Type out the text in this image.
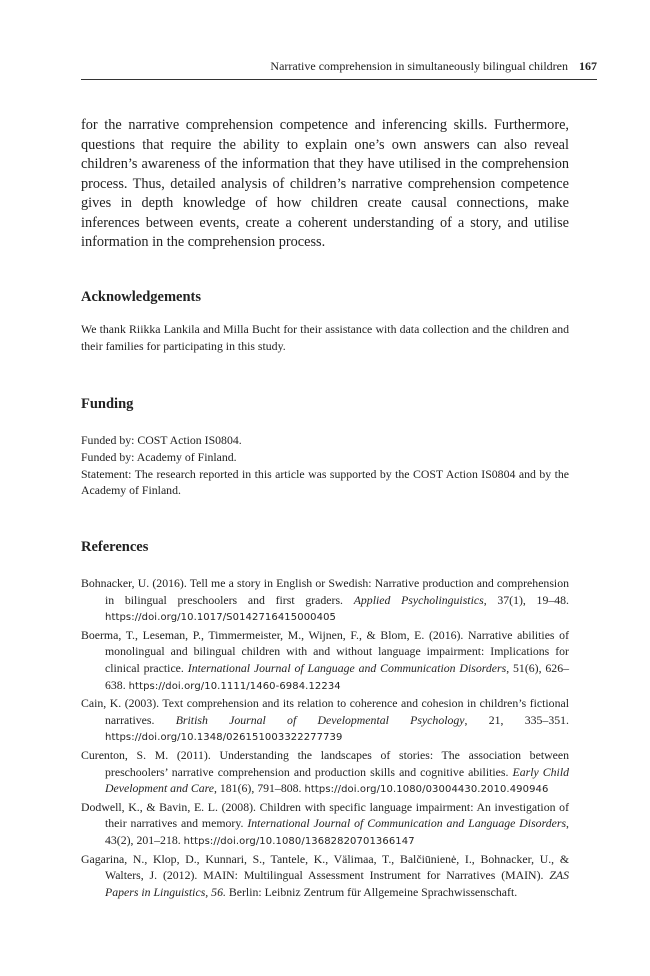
Narrative comprehension in simultaneously bilingual children 167

for the narrative comprehension competence and inferencing skills. Furthermore, questions that require the ability to explain one’s own answers can also reveal children’s awareness of the information that they have utilised in the comprehension process. Thus, detailed analysis of children’s narrative comprehension competence gives in depth knowledge of how children create causal connections, make inferences between events, create a coherent understanding of a story, and utilise information in the comprehension process.

Acknowledgements

We thank Riikka Lankila and Milla Bucht for their assistance with data collection and the children and their families for participating in this study.

Funding
Funded by: COST Action IS0804.
Funded by: Academy of Finland.
Statement: The research reported in this article was supported by the COST Action IS0804 and by the Academy of Finland.
References

Bohnacker, U. (2016). Tell me a story in English or Swedish: Narrative production and comprehension in bilingual preschoolers and first graders. Applied Psycholinguistics, 37(1), 19–48. https://doi.org/10.1017/S0142716415000405

Boerma, T., Leseman, P., Timmermeister, M., Wijnen, F., & Blom, E. (2016). Narrative abilities of monolingual and bilingual children with and without language impairment: Implications for clinical practice. International Journal of Language and Communication Disorders, 51(6), 626–638. https://doi.org/10.1111/1460-6984.12234

Cain, K. (2003). Text comprehension and its relation to coherence and cohesion in children’s fictional narratives. British Journal of Developmental Psychology, 21, 335–351. https://doi.org/10.1348/026151003322277739

Curenton, S. M. (2011). Understanding the landscapes of stories: The association between preschoolers’ narrative comprehension and production skills and cognitive abilities. Early Child Development and Care, 181(6), 791–808. https://doi.org/10.1080/03004430.2010.490946

Dodwell, K., & Bavin, E. L. (2008). Children with specific language impairment: An investigation of their narratives and memory. International Journal of Communication and Language Disorders, 43(2), 201–218. https://doi.org/10.1080/13682820701366147

Gagarina, N., Klop, D., Kunnari, S., Tantele, K., Välimaa, T., Balčiūnienė, I., Bohnacker, U., & Walters, J. (2012). MAIN: Multilingual Assessment Instrument for Narratives (MAIN). ZAS Papers in Linguistics, 56. Berlin: Leibniz Zentrum für Allgemeine Sprachwissenschaft.
